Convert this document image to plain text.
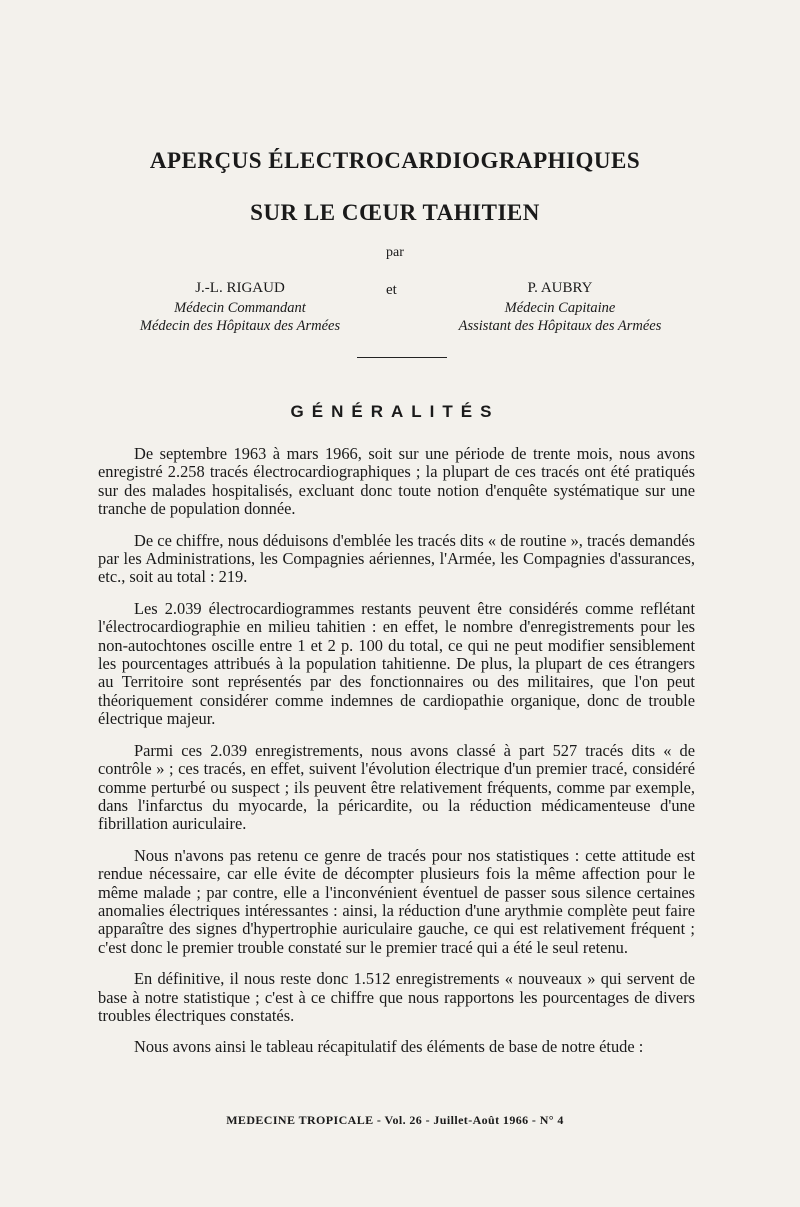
APERÇUS ÉLECTROCARDIOGRAPHIQUES
SUR LE CŒUR TAHITIEN
par
J.-L. RIGAUD
Médecin Commandant
Médecin des Hôpitaux des Armées
et	P. AUBRY
Médecin Capitaine
Assistant des Hôpitaux des Armées
GÉNÉRALITÉS

De septembre 1963 à mars 1966, soit sur une période de trente mois, nous avons enregistré 2.258 tracés électrocardiographiques ; la plupart de ces tracés ont été pratiqués sur des malades hospitalisés, excluant donc toute notion d'enquête systématique sur une tranche de population donnée.

De ce chiffre, nous déduisons d'emblée les tracés dits « de routine », tracés demandés par les Administrations, les Compagnies aériennes, l'Armée, les Compagnies d'assurances, etc., soit au total : 219.

Les 2.039 électrocardiogrammes restants peuvent être considérés comme reflétant l'électrocardiographie en milieu tahitien : en effet, le nombre d'enregistrements pour les non-autochtones oscille entre 1 et 2 p. 100 du total, ce qui ne peut modifier sensiblement les pourcentages attribués à la population tahitienne. De plus, la plupart de ces étrangers au Territoire sont représentés par des fonctionnaires ou des militaires, que l'on peut théoriquement considérer comme indemnes de cardiopathie organique, donc de trouble électrique majeur.

Parmi ces 2.039 enregistrements, nous avons classé à part 527 tracés dits « de contrôle » ; ces tracés, en effet, suivent l'évolution électrique d'un premier tracé, considéré comme perturbé ou suspect ; ils peuvent être relativement fréquents, comme par exemple, dans l'infarctus du myocarde, la péricardite, ou la réduction médicamenteuse d'une fibrillation auriculaire.

Nous n'avons pas retenu ce genre de tracés pour nos statistiques : cette attitude est rendue nécessaire, car elle évite de décompter plusieurs fois la même affection pour le même malade ; par contre, elle a l'inconvénient éventuel de passer sous silence certaines anomalies électriques intéressantes : ainsi, la réduction d'une arythmie complète peut faire apparaître des signes d'hypertrophie auriculaire gauche, ce qui est relativement fréquent ; c'est donc le premier trouble constaté sur le premier tracé qui a été le seul retenu.

En définitive, il nous reste donc 1.512 enregistrements « nouveaux » qui servent de base à notre statistique ; c'est à ce chiffre que nous rapportons les pourcentages de divers troubles électriques constatés.

Nous avons ainsi le tableau récapitulatif des éléments de base de notre étude :

MEDECINE TROPICALE - Vol. 26 - Juillet-Août 1966 - N° 4
